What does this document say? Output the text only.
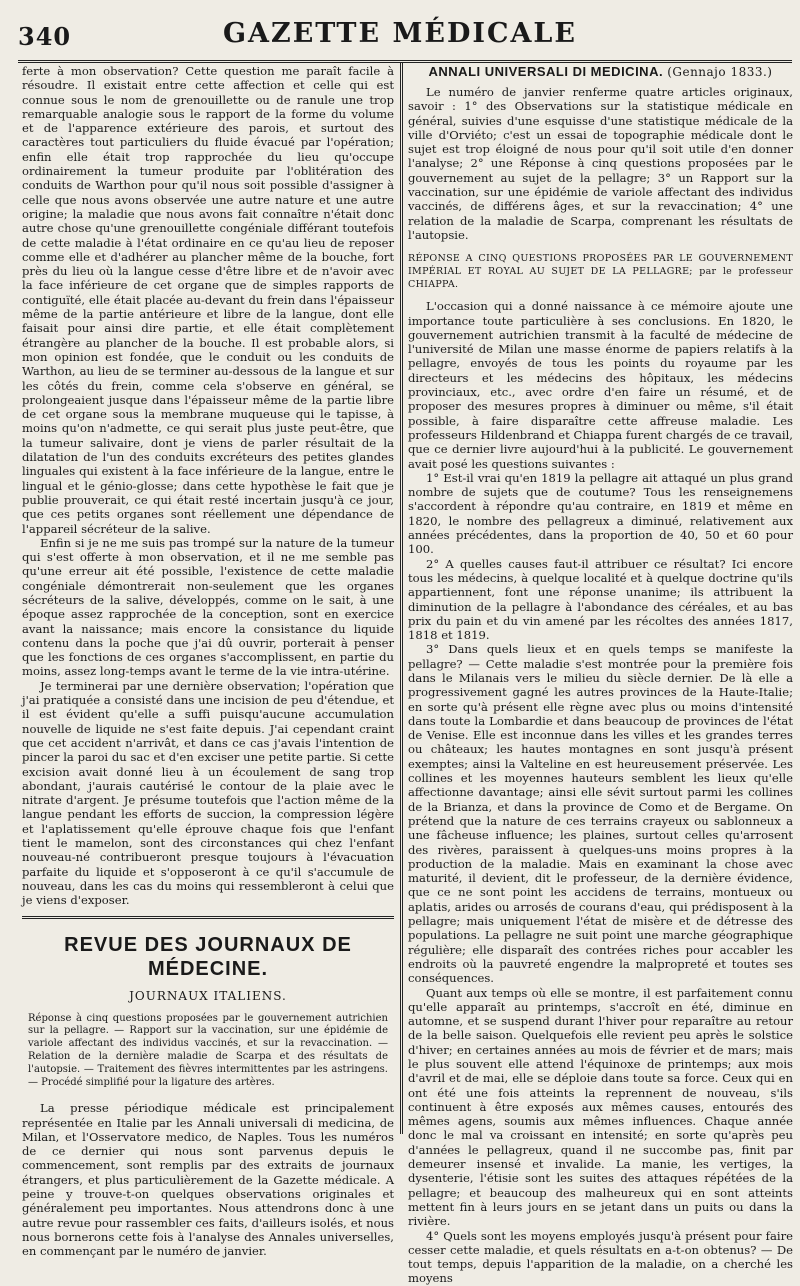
340	GAZETTE MÉDICALE

ferte à mon observation? Cette question me paraît facile à résoudre. Il existait entre cette affection et celle qui est connue sous le nom de grenouillette ou de ranule une trop remarquable analogie sous le rapport de la forme du volume et de l'apparence extérieure des parois, et surtout des caractères tout particuliers du fluide évacué par l'opération; enfin elle était trop rapprochée du lieu qu'occupe ordinairement la tumeur produite par l'oblitération des conduits de Warthon pour qu'il nous soit possible d'assigner à celle que nous avons observée une autre nature et une autre origine; la maladie que nous avons fait connaître n'était donc autre chose qu'une grenouillette congéniale différant toutefois de cette maladie à l'état ordinaire en ce qu'au lieu de reposer comme elle et d'adhérer au plancher même de la bouche, fort près du lieu où la langue cesse d'être libre et de n'avoir avec la face inférieure de cet organe que de simples rapports de contiguïté, elle était placée au-devant du frein dans l'épaisseur même de la partie antérieure et libre de la langue, dont elle faisait pour ainsi dire partie, et elle était complètement étrangère au plancher de la bouche. Il est probable alors, si mon opinion est fondée, que le conduit ou les conduits de Warthon, au lieu de se terminer au-dessous de la langue et sur les côtés du frein, comme cela s'observe en général, se prolongeaient jusque dans l'épaisseur même de la partie libre de cet organe sous la membrane muqueuse qui le tapisse, à moins qu'on n'admette, ce qui serait plus juste peut-être, que la tumeur salivaire, dont je viens de parler résultait de la dilatation de l'un des conduits excréteurs des petites glandes linguales qui existent à la face inférieure de la langue, entre le lingual et le génio-glosse; dans cette hypothèse le fait que je publie prouverait, ce qui était resté incertain jusqu'à ce jour, que ces petits organes sont réellement une dépendance de l'appareil sécréteur de la salive.

Enfin si je ne me suis pas trompé sur la nature de la tumeur qui s'est offerte à mon observation, et il ne me semble pas qu'une erreur ait été possible, l'existence de cette maladie congéniale démontrerait non-seulement que les organes sécréteurs de la salive, développés, comme on le sait, à une époque assez rapprochée de la conception, sont en exercice avant la naissance; mais encore la consistance du liquide contenu dans la poche que j'ai dû ouvrir, porterait à penser que les fonctions de ces organes s'accomplissent, en partie du moins, assez long-temps avant le terme de la vie intra-utérine.

Je terminerai par une dernière observation; l'opération que j'ai pratiquée a consisté dans une incision de peu d'étendue, et il est évident qu'elle a suffi puisqu'aucune accumulation nouvelle de liquide ne s'est faite depuis. J'ai cependant craint que cet accident n'arrivât, et dans ce cas j'avais l'intention de pincer la paroi du sac et d'en exciser une petite partie. Si cette excision avait donné lieu à un écoulement de sang trop abondant, j'aurais cautérisé le contour de la plaie avec le nitrate d'argent. Je présume toutefois que l'action même de la langue pendant les efforts de succion, la compression légère et l'aplatissement qu'elle éprouve chaque fois que l'enfant tient le mamelon, sont des circonstances qui chez l'enfant nouveau-né contribueront presque toujours à l'évacuation parfaite du liquide et s'opposeront à ce qu'il s'accumule de nouveau, dans les cas du moins qui ressembleront à celui que je viens d'exposer.

REVUE DES JOURNAUX DE MÉDECINE.
JOURNAUX ITALIENS.
Réponse à cinq questions proposées par le gouvernement autrichien sur la pellagre. — Rapport sur la vaccination, sur une épidémie de variole affectant des individus vaccinés, et sur la revaccination. — Relation de la dernière maladie de Scarpa et des résultats de l'autopsie. — Traitement des fièvres intermittentes par les astringens. — Procédé simplifié pour la ligature des artères.

La presse périodique médicale est principalement représentée en Italie par les Annali universali di medicina, de Milan, et l'Osservatore medico, de Naples. Tous les numéros de ce dernier qui nous sont parvenus depuis le commencement, sont remplis par des extraits de journaux étrangers, et plus particulièrement de la Gazette médicale. A peine y trouve-t-on quelques observations originales et généralement peu importantes. Nous attendrons donc à une autre revue pour rassembler ces faits, d'ailleurs isolés, et nous nous bornerons cette fois à l'analyse des Annales universelles, en commençant par le numéro de janvier.

ANNALI UNIVERSALI DI MEDICINA. (Gennajo 1833.)

Le numéro de janvier renferme quatre articles originaux, savoir : 1° des Observations sur la statistique médicale en général, suivies d'une esquisse d'une statistique médicale de la ville d'Orviéto; c'est un essai de topographie médicale dont le sujet est trop éloigné de nous pour qu'il soit utile d'en donner l'analyse; 2° une Réponse à cinq questions proposées par le gouvernement au sujet de la pellagre; 3° un Rapport sur la vaccination, sur une épidémie de variole affectant des individus vaccinés, de différens âges, et sur la revaccination; 4° une relation de la maladie de Scarpa, comprenant les résultats de l'autopsie.

RÉPONSE A CINQ QUESTIONS PROPOSÉES PAR LE GOUVERNEMENT IMPÉRIAL ET ROYAL AU SUJET DE LA PELLAGRE; par le professeur CHIAPPA.

L'occasion qui a donné naissance à ce mémoire ajoute une importance toute particulière à ses conclusions. En 1820, le gouvernement autrichien transmit à la faculté de médecine de l'université de Milan une masse énorme de papiers relatifs à la pellagre, envoyés de tous les points du royaume par les directeurs et les médecins des hôpitaux, les médecins provinciaux, etc., avec ordre d'en faire un résumé, et de proposer des mesures propres à diminuer ou même, s'il était possible, à faire disparaître cette affreuse maladie. Les professeurs Hildenbrand et Chiappa furent chargés de ce travail, que ce dernier livre aujourd'hui à la publicité. Le gouvernement avait posé les questions suivantes :

1° Est-il vrai qu'en 1819 la pellagre ait attaqué un plus grand nombre de sujets que de coutume? Tous les renseignemens s'accordent à répondre qu'au contraire, en 1819 et même en 1820, le nombre des pellagreux a diminué, relativement aux années précédentes, dans la proportion de 40, 50 et 60 pour 100.

2° A quelles causes faut-il attribuer ce résultat? Ici encore tous les médecins, à quelque localité et à quelque doctrine qu'ils appartiennent, font une réponse unanime; ils attribuent la diminution de la pellagre à l'abondance des céréales, et au bas prix du pain et du vin amené par les récoltes des années 1817, 1818 et 1819.

3° Dans quels lieux et en quels temps se manifeste la pellagre? — Cette maladie s'est montrée pour la première fois dans le Milanais vers le milieu du siècle dernier. De là elle a progressivement gagné les autres provinces de la Haute-Italie; en sorte qu'à présent elle règne avec plus ou moins d'intensité dans toute la Lombardie et dans beaucoup de provinces de l'état de Venise. Elle est inconnue dans les villes et les grandes terres ou châteaux; les hautes montagnes en sont jusqu'à présent exemptes; ainsi la Valteline en est heureusement préservée. Les collines et les moyennes hauteurs semblent les lieux qu'elle affectionne davantage; ainsi elle sévit surtout parmi les collines de la Brianza, et dans la province de Como et de Bergame. On prétend que la nature de ces terrains crayeux ou sablonneux a une fâcheuse influence; les plaines, surtout celles qu'arrosent des rivères, paraissent à quelques-uns moins propres à la production de la maladie. Mais en examinant la chose avec maturité, il devient, dit le professeur, de la dernière évidence, que ce ne sont point les accidens de terrains, montueux ou aplatis, arides ou arrosés de courans d'eau, qui prédisposent à la pellagre; mais uniquement l'état de misère et de détresse des populations. La pellagre ne suit point une marche géographique régulière; elle disparaît des contrées riches pour accabler les endroits où la pauvreté engendre la malpropreté et toutes ses conséquences.

Quant aux temps où elle se montre, il est parfaitement connu qu'elle apparaît au printemps, s'accroît en été, diminue en automne, et se suspend durant l'hiver pour reparaître au retour de la belle saison. Quelquefois elle revient peu après le solstice d'hiver; en certaines années au mois de février et de mars; mais le plus souvent elle attend l'équinoxe de printemps; aux mois d'avril et de mai, elle se déploie dans toute sa force. Ceux qui en ont été une fois atteints la reprennent de nouveau, s'ils continuent à être exposés aux mêmes causes, entourés des mêmes agens, soumis aux mêmes influences. Chaque année donc le mal va croissant en intensité; en sorte qu'après peu d'années le pellagreux, quand il ne succombe pas, finit par demeurer insensé et invalide. La manie, les vertiges, la dysenterie, l'étisie sont les suites des attaques répétées de la pellagre; et beaucoup des malheureux qui en sont atteints mettent fin à leurs jours en se jetant dans un puits ou dans la rivière.

4° Quels sont les moyens employés jusqu'à présent pour faire cesser cette maladie, et quels résultats en a-t-on obtenus? — De tout temps, depuis l'apparition de la maladie, on a cherché les moyens
